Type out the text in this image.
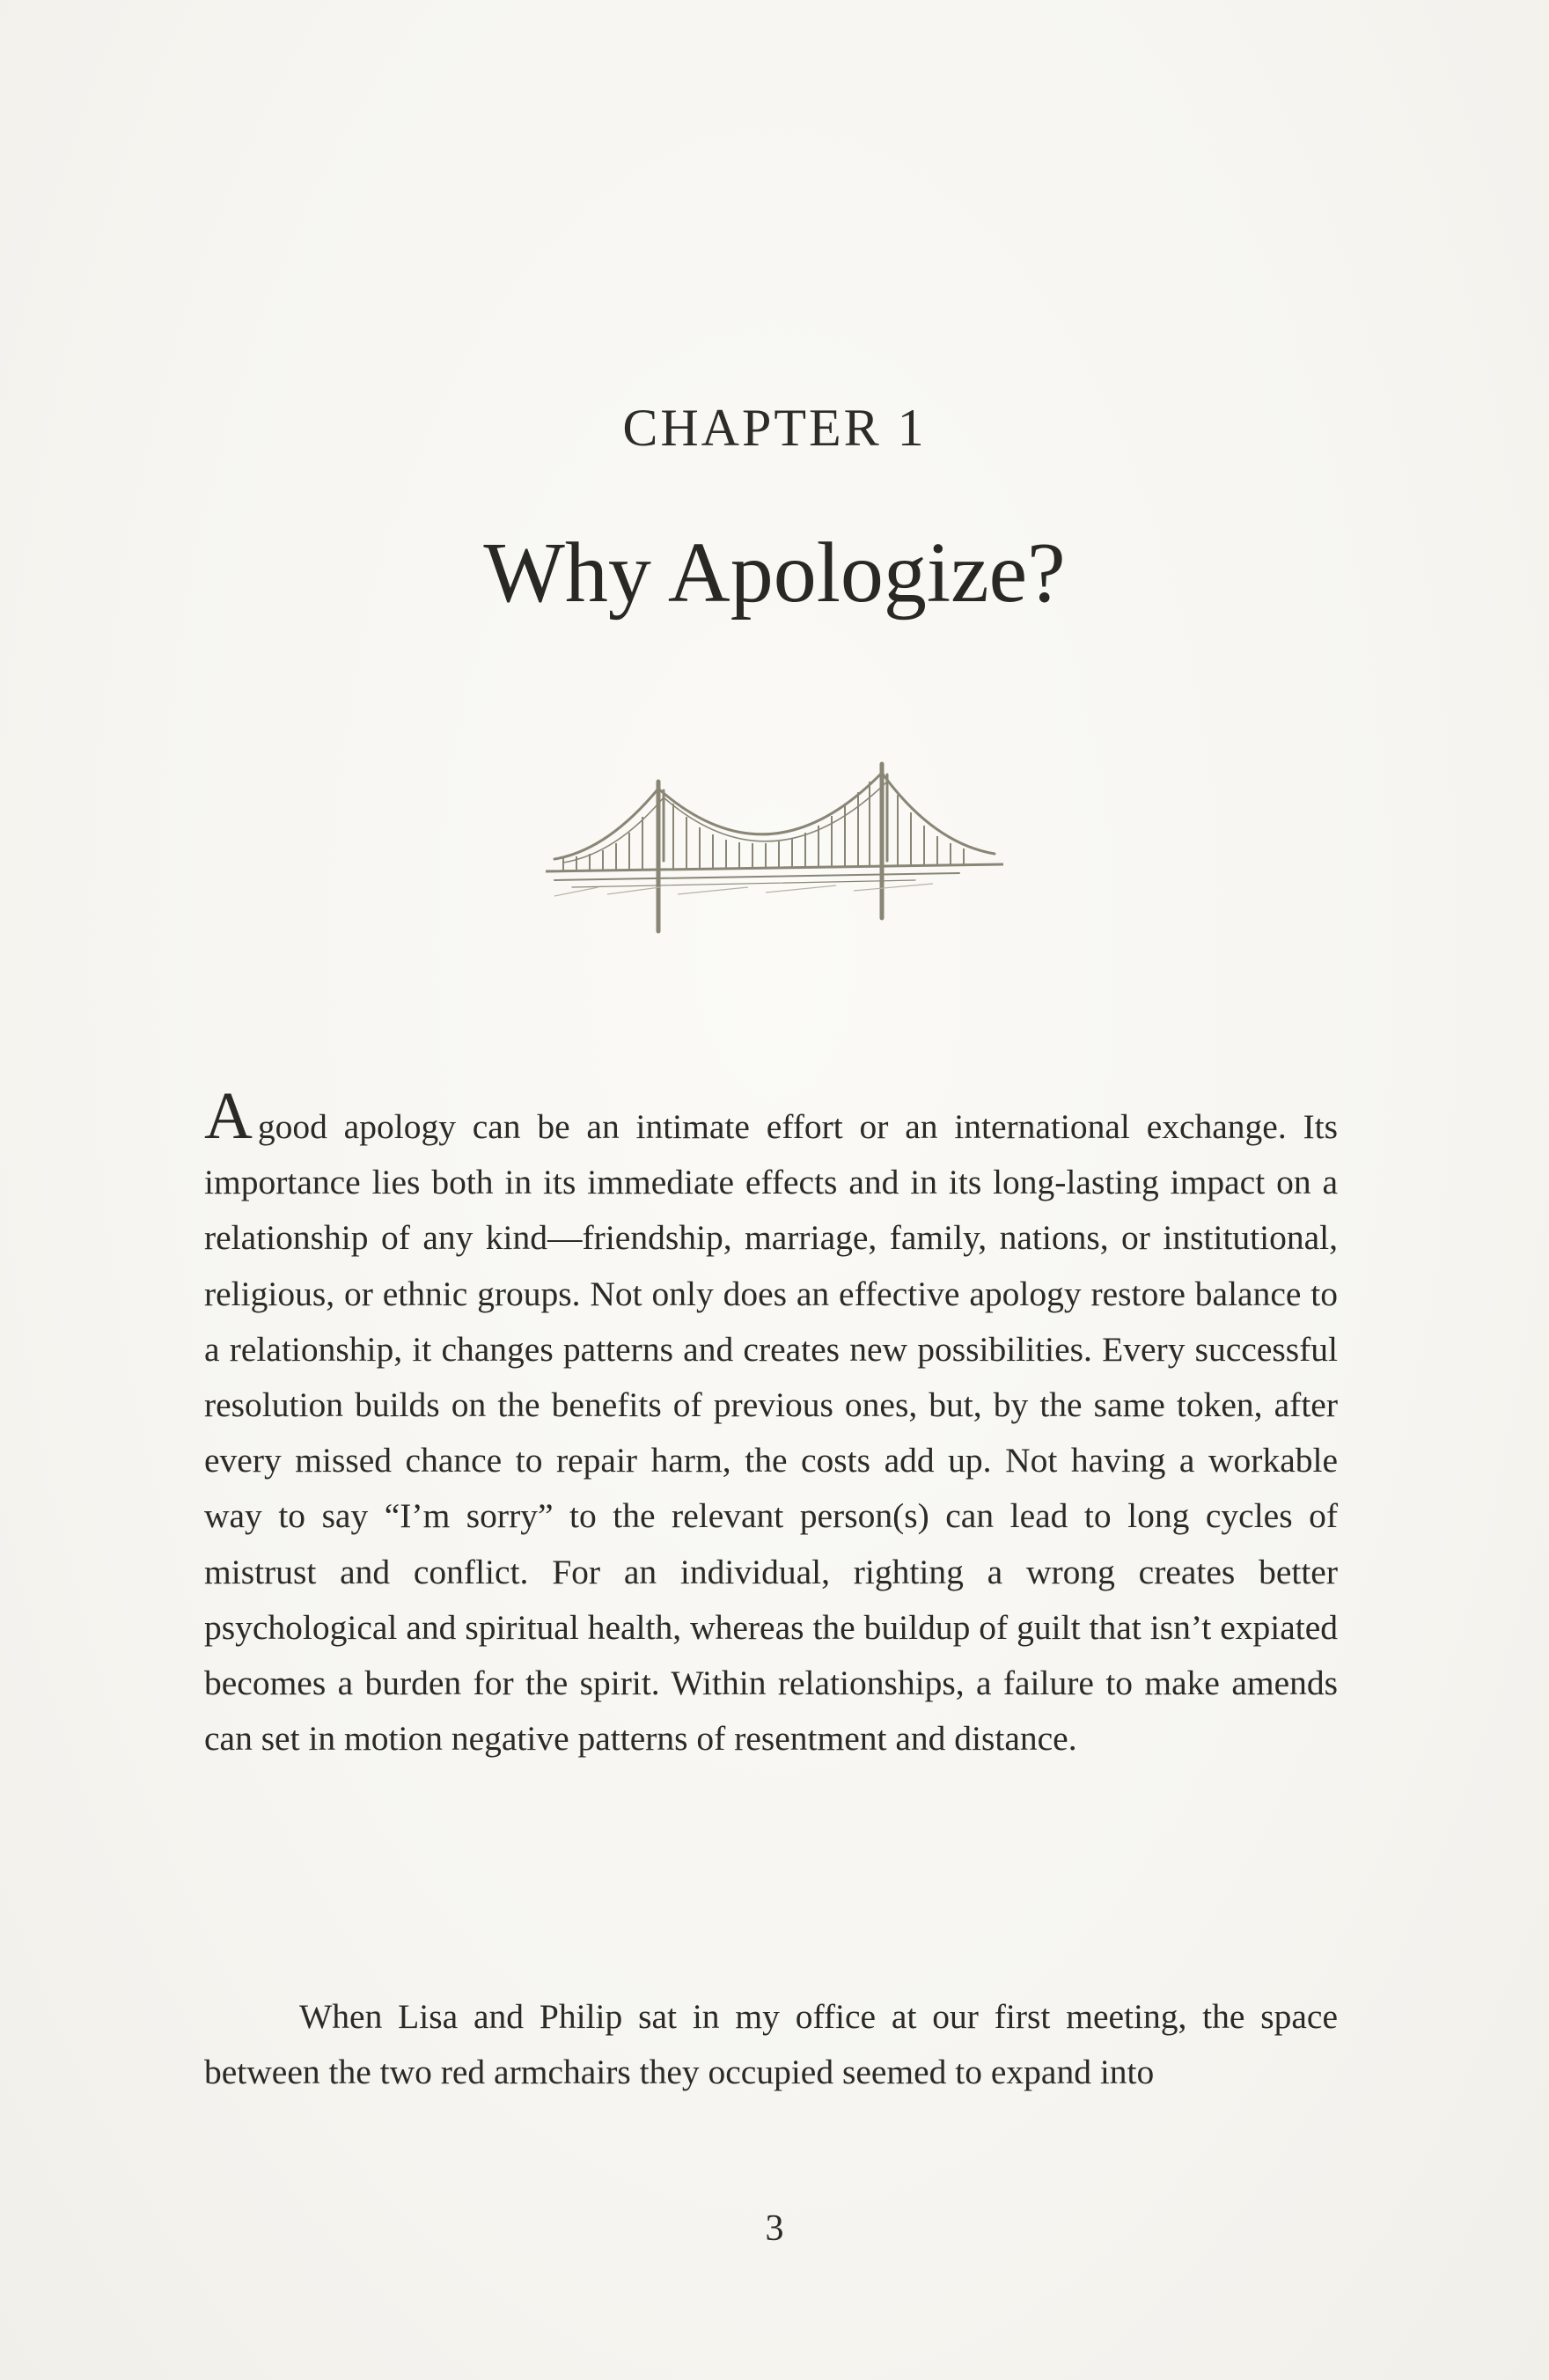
CHAPTER 1
Why Apologize?

Agood apology can be an intimate effort or an international exchange. Its importance lies both in its immediate effects and in its long-lasting impact on a relationship of any kind—friendship, marriage, family, nations, or institutional, religious, or ethnic groups. Not only does an effective apology restore balance to a relationship, it changes patterns and creates new possibilities. Every successful resolution builds on the benefits of previous ones, but, by the same token, after every missed chance to repair harm, the costs add up. Not having a workable way to say “I’m sorry” to the relevant person(s) can lead to long cycles of mistrust and conflict. For an individual, righting a wrong creates better psychological and spiritual health, whereas the buildup of guilt that isn’t expiated becomes a burden for the spirit. Within relationships, a failure to make amends can set in motion negative patterns of resentment and distance.

When Lisa and Philip sat in my office at our first meeting, the space between the two red armchairs they occupied seemed to expand into

3
